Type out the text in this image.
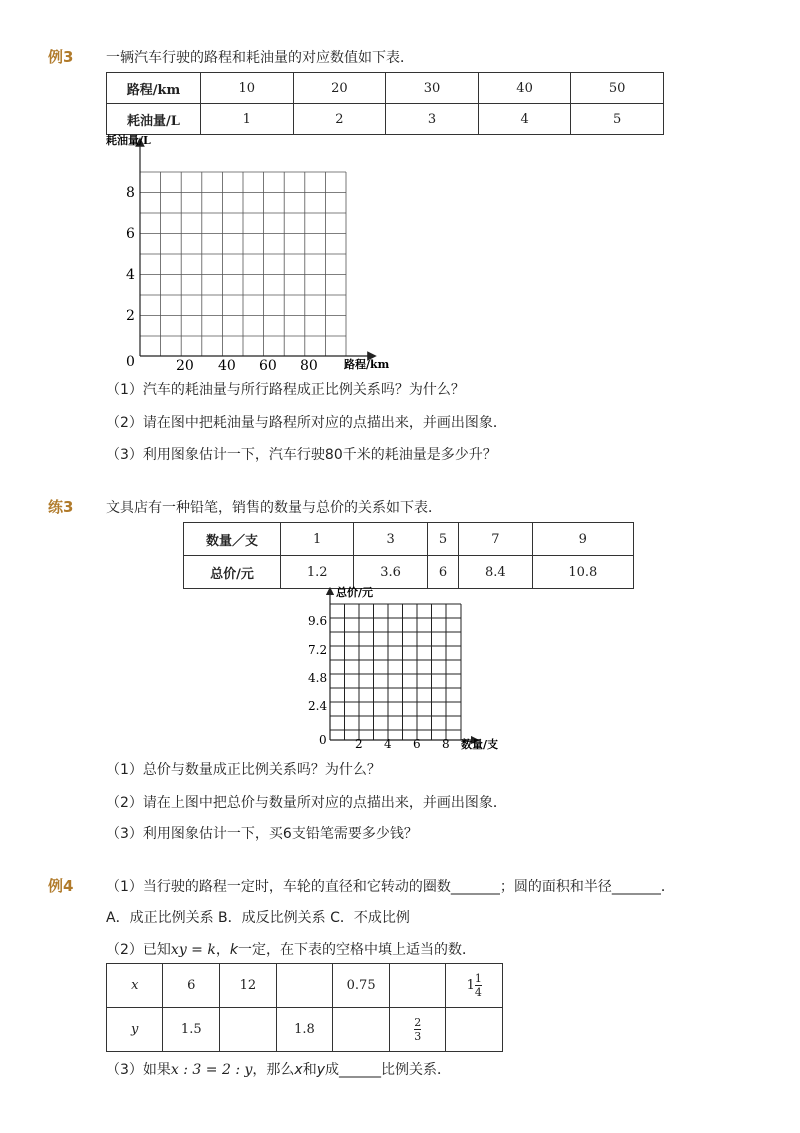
例3 一辆汽车行驶的路程和耗油量的对应数值如下表．
路程/km	10	20	30	40	50
耗油量/L	1	2	3	4	5
耗油量/L
路程/km
0	20 40 60 80
2
4
6
8
（1）汽车的耗油量与所行路程成正比例关系吗？为什么？
（2）请在图中把耗油量与路程所对应的点描出来，并画出图象．
（3）利用图象估计一下，汽车行驶80千米的耗油量是多少升？
练3 文具店有一种铅笔，销售的数量与总价的关系如下表．
数量／支	1	3	5	7	9
总价/元	1.2	3.6	6	8.4	10.8
总价/元
数量/支
0 2 4 6 8
2.4
4.8
7.2
9.6
（1）总价与数量成正比例关系吗？为什么？
（2）请在上图中把总价与数量所对应的点描出来，并画出图象．
（3）利用图象估计一下，买6支铅笔需要多少钱？
例4 （1）当行驶的路程一定时，车轮的直径和它转动的圈数_______；圆的面积和半径_______．
A．成正比例关系 B．成反比例关系 C．不成比例
（2）已知xy = k，k一定，在下表的空格中填上适当的数．
x	6	12		0.75		$1 \frac{1}{4}$

y	1.5		1.8		$\frac{2}{3}$

（3）如果x : 3 = 2 : y，那么x和y成______比例关系．
